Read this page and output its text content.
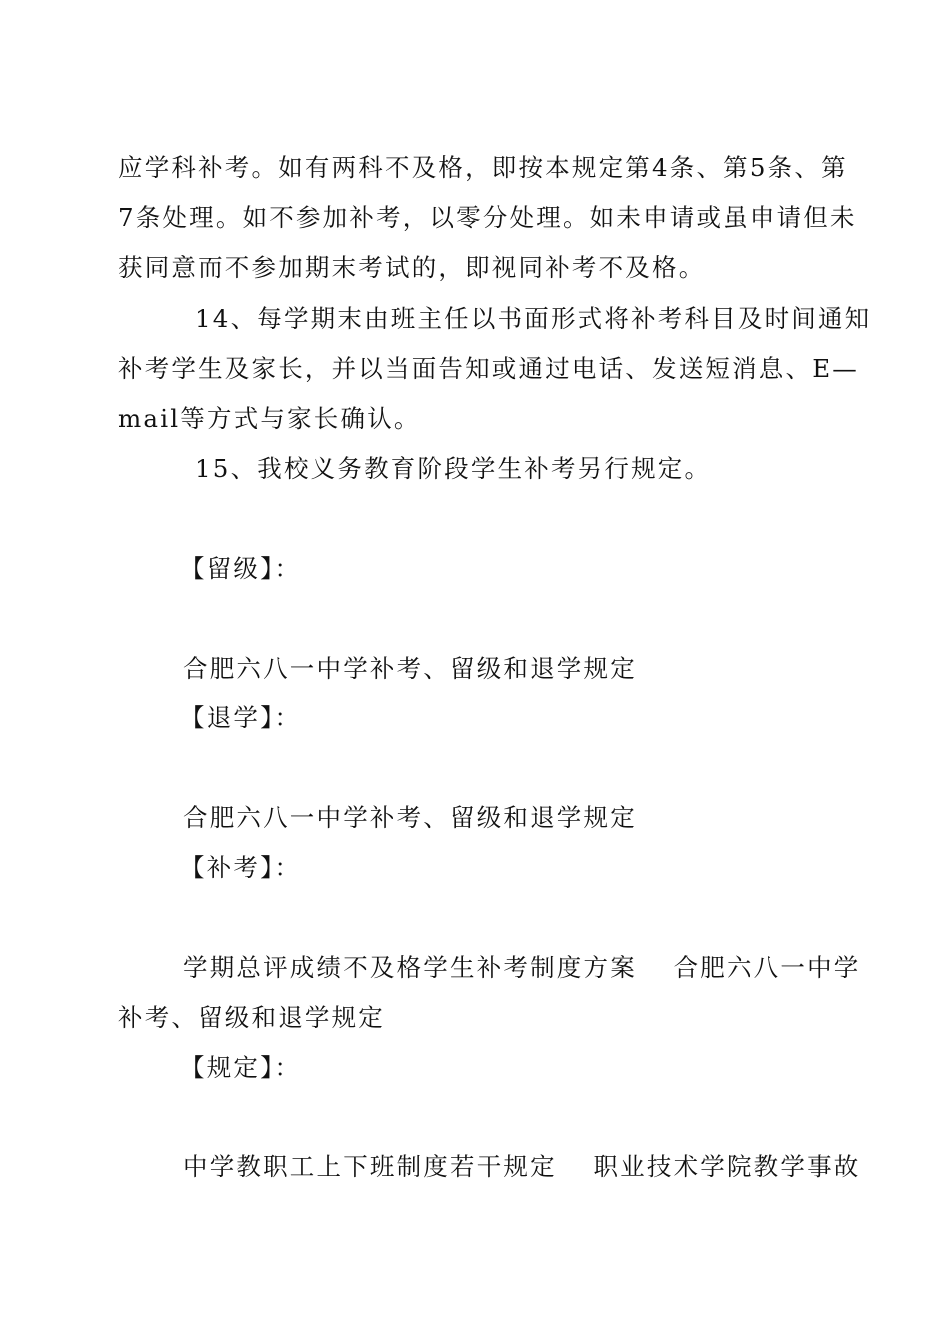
应学科补考。如有两科不及格，即按本规定第4条、第5条、第
7条处理。如不参加补考，以零分处理。如未申请或虽申请但未
获同意而不参加期末考试的，即视同补考不及格。
14、每学期末由班主任以书面形式将补考科目及时间通知
补考学生及家长，并以当面告知或通过电话、发送短消息、E—
mail等方式与家长确认。
15、我校义务教育阶段学生补考另行规定。
【留级】：
合肥六八一中学补考、留级和退学规定
【退学】：
合肥六八一中学补考、留级和退学规定
【补考】：
学期总评成绩不及格学生补考制度方案　 合肥六八一中学
补考、留级和退学规定
【规定】：
中学教职工上下班制度若干规定　 职业技术学院教学事故
